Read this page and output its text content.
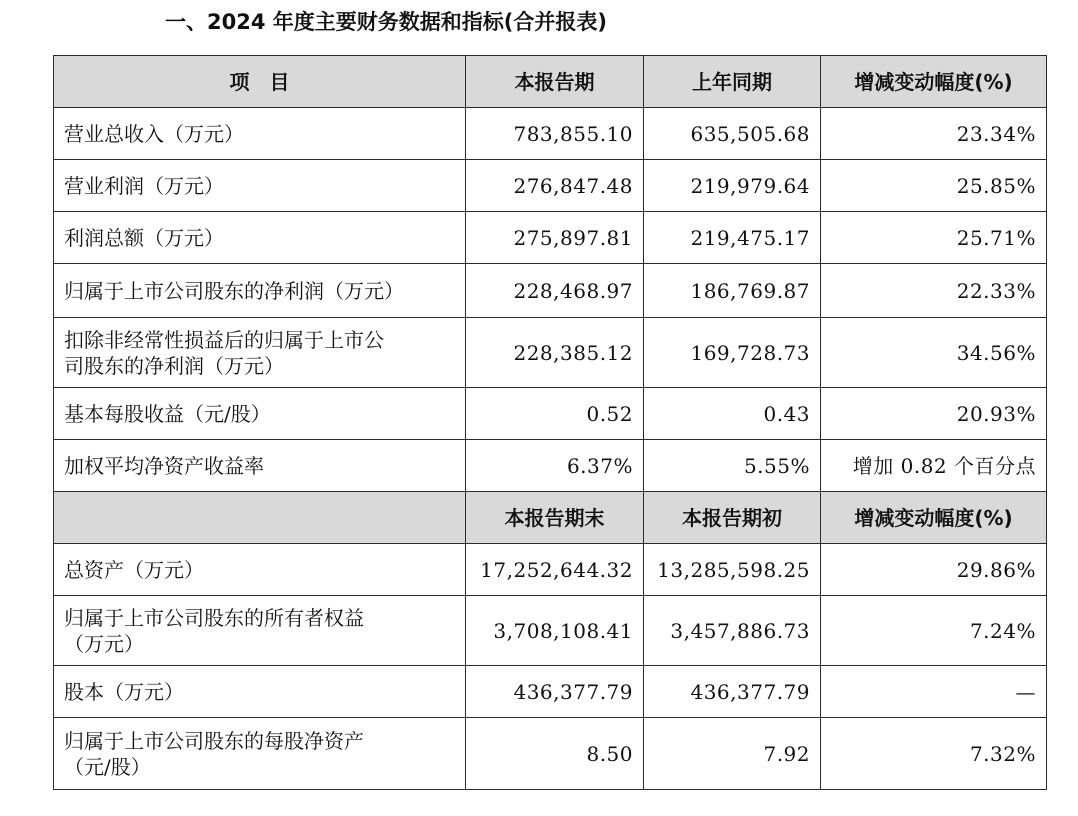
一、2024 年度主要财务数据和指标(合并报表)
项　目	本报告期	上年同期	增减变动幅度(%)
营业总收入（万元）	783,855.10	635,505.68	23.34%
营业利润（万元）	276,847.48	219,979.64	25.85%
利润总额（万元）	275,897.81	219,475.17	25.71%
归属于上市公司股东的净利润（万元）	228,468.97	186,769.87	22.33%

扣除非经常性损益后的归属于上市公
司股东的净利润（万元）	228,385.12	169,728.73	34.56%
基本每股收益（元/股）	0.52	0.43	20.93%
加权平均净资产收益率	6.37%	5.55%	增加 0.82 个百分点
	本报告期末	本报告期初	增减变动幅度(%)
总资产（万元）	17,252,644.32	13,285,598.25	29.86%

归属于上市公司股东的所有者权益
（万元）	3,708,108.41	3,457,886.73	7.24%
股本（万元）	436,377.79	436,377.79	—

归属于上市公司股东的每股净资产
（元/股）	8.50	7.92	7.32%
